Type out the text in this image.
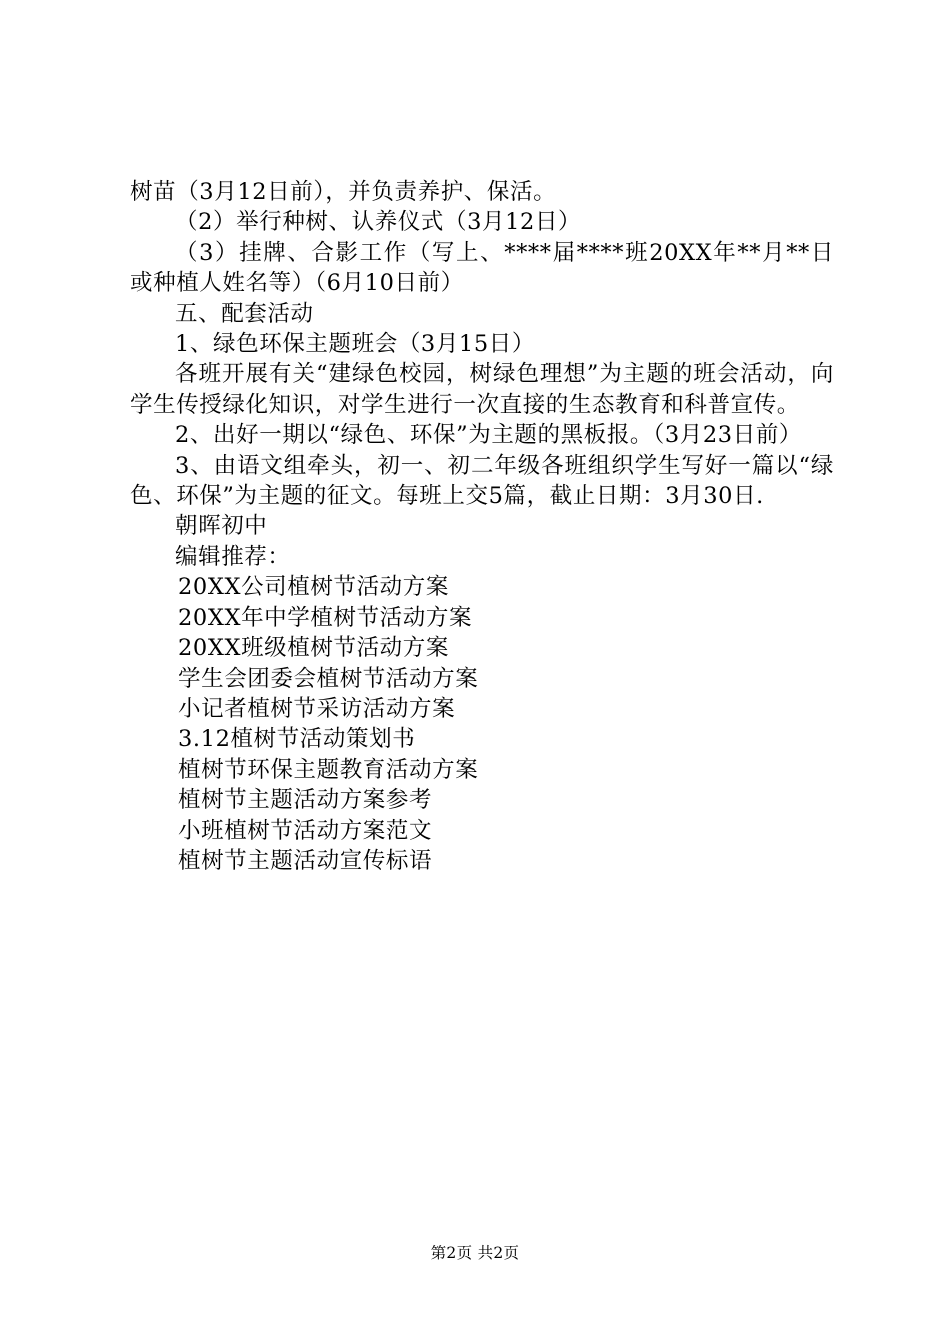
树苗（3月12日前），并负责养护、保活。

（2）举行种树、认养仪式（3月12日）

（3）挂牌、合影工作（写上、****届****班20XX年**月**日或种植人姓名等）（6月10日前）

五、配套活动

1、绿色环保主题班会（3月15日）

各班开展有关“建绿色校园，树绿色理想”为主题的班会活动，向学生传授绿化知识，对学生进行一次直接的生态教育和科普宣传。

2、出好一期以“绿色、环保”为主题的黑板报。（3月23日前）

3、由语文组牵头，初一、初二年级各班组织学生写好一篇以“绿色、环保”为主题的征文。每班上交5篇，截止日期：3月30日.

朝晖初中

编辑推荐：

20XX公司植树节活动方案
20XX年中学植树节活动方案
20XX班级植树节活动方案
学生会团委会植树节活动方案
小记者植树节采访活动方案
3.12植树节活动策划书
植树节环保主题教育活动方案
植树节主题活动方案参考
小班植树节活动方案范文
植树节主题活动宣传标语
第2页 共2页
